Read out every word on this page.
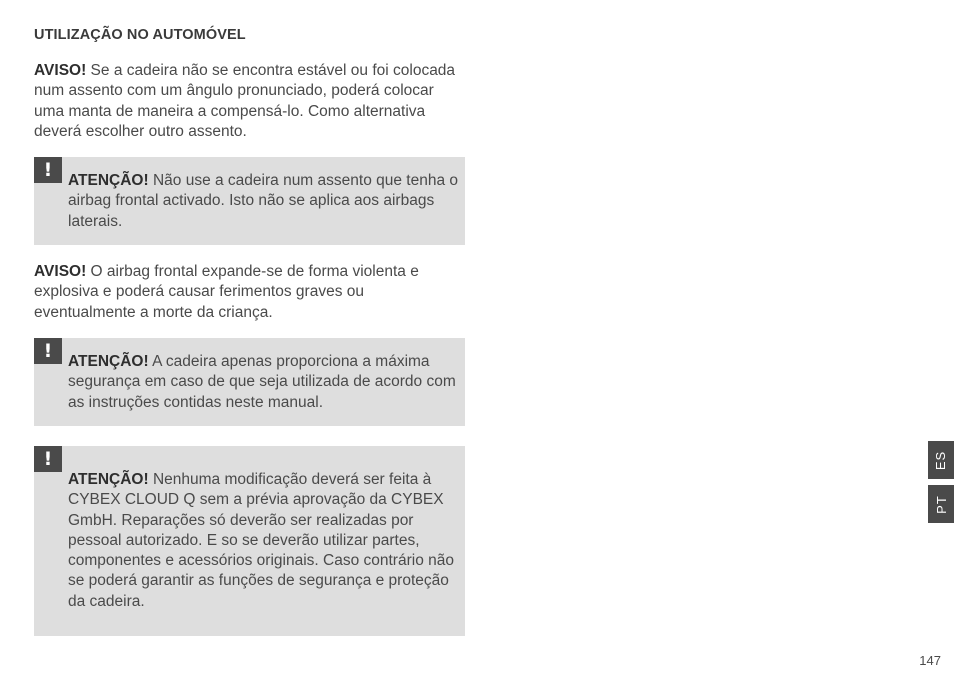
UTILIZAÇÃO NO AUTOMÓVEL
AVISO! Se a cadeira não se encontra estável ou foi colocada num assento com um ângulo pronunciado, poderá colocar uma manta de maneira a compensá-lo. Como alternativa deverá escolher outro assento.
!	ATENÇÃO! Não use a cadeira num assento que tenha o airbag frontal activado. Isto não se aplica aos airbags laterais.
AVISO! O airbag frontal expande-se de forma violenta e explosiva e poderá causar ferimentos graves ou eventualmente a morte da criança.
!	ATENÇÃO! A cadeira apenas proporciona a máxima segurança em caso de que seja utilizada de acordo com as instruções contidas neste manual.
!
ATENÇÃO! Nenhuma modificação deverá ser feita à CYBEX CLOUD Q sem a prévia aprovação da CYBEX GmbH. Reparações só deverão ser realizadas por pessoal autorizado. E so se deverão utilizar partes, componentes e acessórios originais. Caso contrário não se poderá garantir as funções de segurança e proteção da cadeira.
ES
PT
147
